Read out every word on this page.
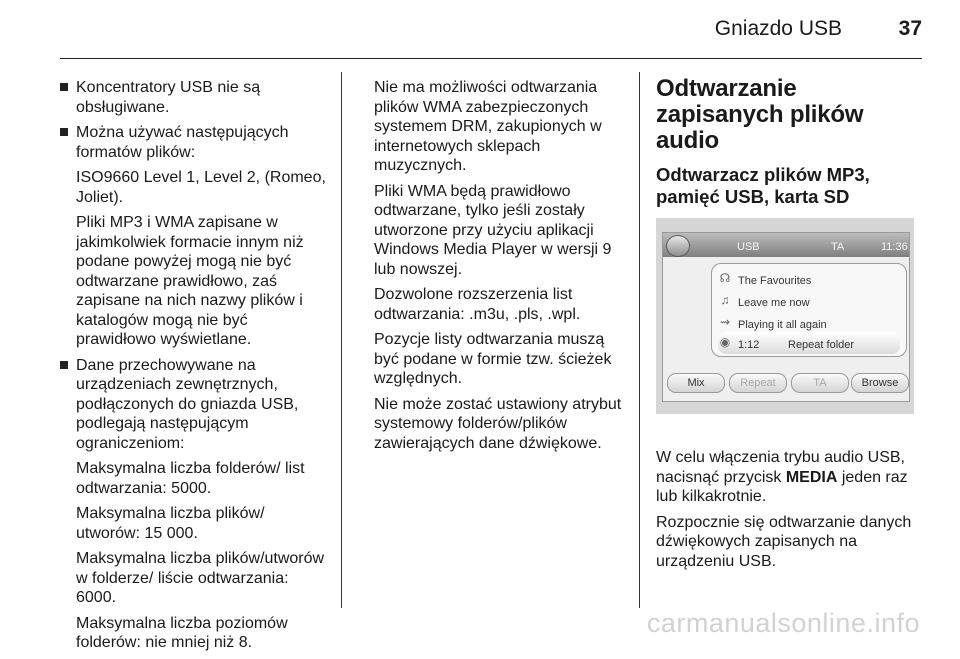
Gniazdo USB	37
Koncentratory USB nie są obsługiwane.
Można używać następujących formatów plików:
ISO9660 Level 1, Level 2, (Romeo, Joliet).
Pliki MP3 i WMA zapisane w jakimkolwiek formacie innym niż podane powyżej mogą nie być odtwarzane prawidłowo, zaś zapisane na nich nazwy plików i katalogów mogą nie być prawidłowo wyświetlane.
Dane przechowywane na urządzeniach zewnętrznych, podłączonych do gniazda USB, podlegają następującym ograniczeniom:
Maksymalna liczba folderów/ list odtwarzania: 5000.
Maksymalna liczba plików/ utworów: 15 000.
Maksymalna liczba plików/utworów w folderze/ liście odtwarzania: 6000.
Maksymalna liczba poziomów folderów: nie mniej niż 8.

Nie ma możliwości odtwarzania plików WMA zabezpieczonych systemem DRM, zakupionych w internetowych sklepach muzycznych.

Pliki WMA będą prawidłowo odtwarzane, tylko jeśli zostały utworzone przy użyciu aplikacji Windows Media Player w wersji 9 lub nowszej.

Dozwolone rozszerzenia list odtwarzania: .m3u, .pls, .wpl.

Pozycje listy odtwarzania muszą być podane w formie tzw. ścieżek względnych.

Nie może zostać ustawiony atrybut systemowy folderów/plików zawierających dane dźwiękowe.

Odtwarzanie zapisanych plików audio
Odtwarzacz plików MP3, pamięć USB, karta SD
USB	TA	11:36
☊ The Favourites
♫ Leave me now
⇝ Playing it all again
◉ 1:12	Repeat folder
Mix	Repeat	TA	Browse

W celu włączenia trybu audio USB, nacisnąć przycisk MEDIA jeden raz lub kilkakrotnie.

Rozpocznie się odtwarzanie danych dźwiękowych zapisanych na urządzeniu USB.

carmanualsonline.info
